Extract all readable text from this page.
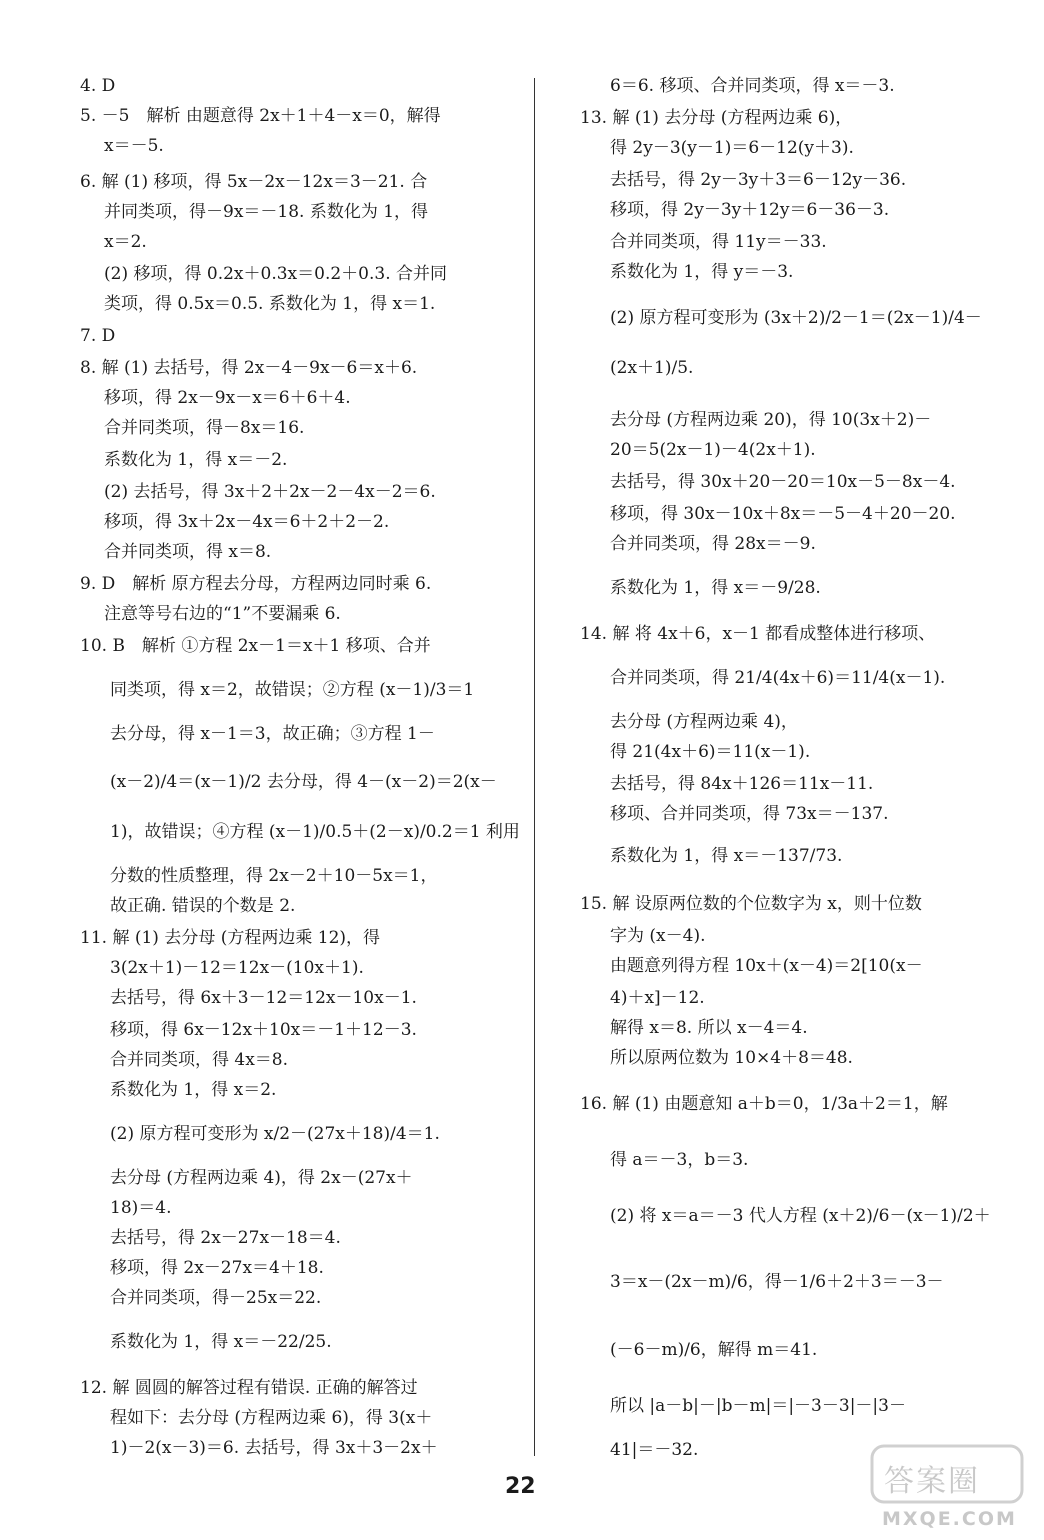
4. D
5. －5　解析 由题意得 2x＋1＋4－x＝0，解得
x＝－5.
6. 解 (1) 移项，得 5x－2x－12x＝3－21. 合
并同类项，得－9x＝－18. 系数化为 1，得
x＝2.
(2) 移项，得 0.2x＋0.3x＝0.2＋0.3. 合并同
类项，得 0.5x＝0.5. 系数化为 1，得 x＝1.
7. D
8. 解 (1) 去括号，得 2x－4－9x－6＝x＋6.
移项，得 2x－9x－x＝6＋6＋4.
合并同类项，得－8x＝16.
系数化为 1，得 x＝－2.
(2) 去括号，得 3x＋2＋2x－2－4x－2＝6.
移项，得 3x＋2x－4x＝6＋2＋2－2.
合并同类项，得 x＝8.
9. D　解析 原方程去分母，方程两边同时乘 6.
注意等号右边的“1”不要漏乘 6.
10. B　解析 ①方程 2x－1＝x＋1 移项、合并
同类项，得 x＝2，故错误；②方程 (x－1)/3＝1
去分母，得 x－1＝3，故正确；③方程 1－
(x－2)/4＝(x－1)/2 去分母，得 4－(x－2)＝2(x－
1)，故错误；④方程 (x－1)/0.5＋(2－x)/0.2＝1 利用
分数的性质整理，得 2x－2＋10－5x＝1，
故正确. 错误的个数是 2.
11. 解 (1) 去分母 (方程两边乘 12)，得
3(2x＋1)－12＝12x－(10x＋1).
去括号，得 6x＋3－12＝12x－10x－1.
移项，得 6x－12x＋10x＝－1＋12－3.
合并同类项，得 4x＝8.
系数化为 1，得 x＝2.
(2) 原方程可变形为 x/2－(27x＋18)/4＝1.
去分母 (方程两边乘 4)，得 2x－(27x＋
18)＝4.
去括号，得 2x－27x－18＝4.
移项，得 2x－27x＝4＋18.
合并同类项，得－25x＝22.
系数化为 1，得 x＝－22/25.
12. 解 圆圆的解答过程有错误. 正确的解答过
程如下：去分母 (方程两边乘 6)，得 3(x＋
1)－2(x－3)＝6. 去括号，得 3x＋3－2x＋
6＝6. 移项、合并同类项，得 x＝－3.
13. 解 (1) 去分母 (方程两边乘 6)，
得 2y－3(y－1)＝6－12(y＋3).
去括号，得 2y－3y＋3＝6－12y－36.
移项，得 2y－3y＋12y＝6－36－3.
合并同类项，得 11y＝－33.
系数化为 1，得 y＝－3.
(2) 原方程可变形为 (3x＋2)/2－1＝(2x－1)/4－
(2x＋1)/5.
去分母 (方程两边乘 20)，得 10(3x＋2)－
20＝5(2x－1)－4(2x＋1).
去括号，得 30x＋20－20＝10x－5－8x－4.
移项，得 30x－10x＋8x＝－5－4＋20－20.
合并同类项，得 28x＝－9.
系数化为 1，得 x＝－9/28.
14. 解 将 4x＋6，x－1 都看成整体进行移项、
合并同类项，得 21/4(4x＋6)＝11/4(x－1).
去分母 (方程两边乘 4)，
得 21(4x＋6)＝11(x－1).
去括号，得 84x＋126＝11x－11.
移项、合并同类项，得 73x＝－137.
系数化为 1，得 x＝－137/73.
15. 解 设原两位数的个位数字为 x，则十位数
字为 (x－4).
由题意列得方程 10x＋(x－4)＝2[10(x－
4)＋x]－12.
解得 x＝8. 所以 x－4＝4.
所以原两位数为 10×4＋8＝48.
16. 解 (1) 由题意知 a＋b＝0，1/3a＋2＝1，解
得 a＝－3，b＝3.
(2) 将 x＝a＝－3 代人方程 (x＋2)/6－(x－1)/2＋
3＝x－(2x－m)/6，得－1/6＋2＋3＝－3－
(－6－m)/6，解得 m＝41.
所以 |a－b|－|b－m|＝|－3－3|－|3－
41|＝－32.
22	答案圈
MXQE.COM
